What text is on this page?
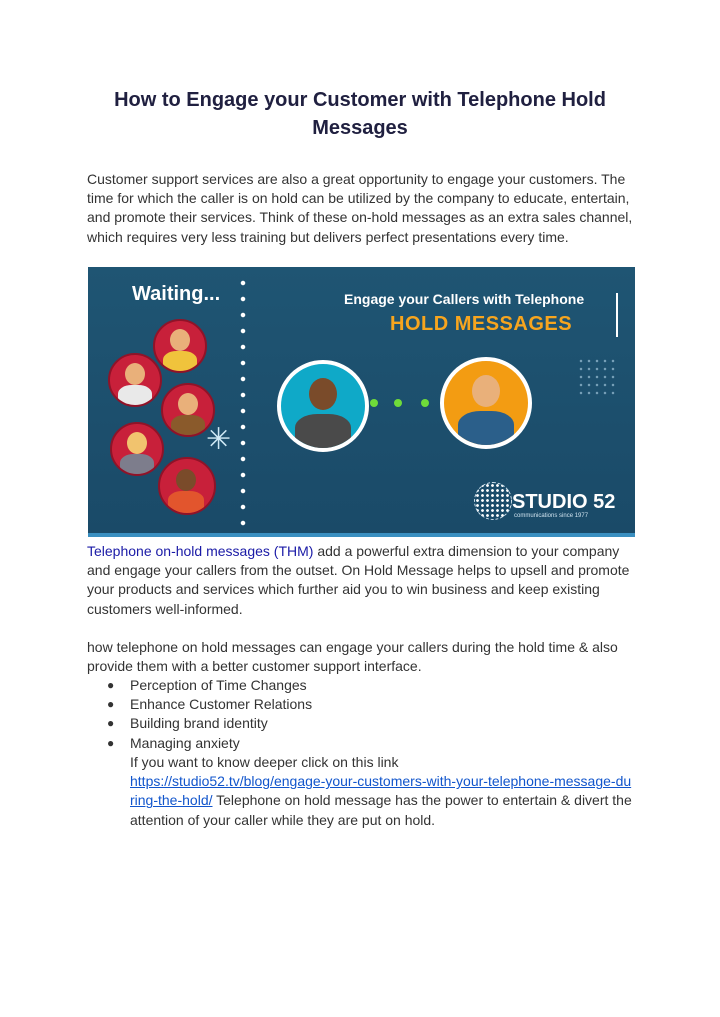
How to Engage your Customer with Telephone Hold Messages
Customer support services are also a great opportunity to engage your customers. The time for which the caller is on hold can be utilized by the company to educate, entertain, and promote their services. Think of these on-hold messages as an extra sales channel, which requires very less training but delivers perfect presentations every time.
Waiting...
✳
Engage your Callers with Telephone
HOLD MESSAGES
STUDIO 52
communications since 1977
Telephone on-hold messages (THM) add a powerful extra dimension to your company and engage your callers from the outset. On Hold Message helps to upsell and promote your products and services which further aid you to win business and keep existing customers well-informed.
how telephone on hold messages can engage your callers during the hold time & also provide them with a better customer support interface.
● Perception of Time Changes
● Enhance Customer Relations
● Building brand identity
● Managing anxiety
If you want to know deeper click on this link
https://studio52.tv/blog/engage-your-customers-with-your-telephone-message-during-the-hold/ Telephone on hold message has the power to entertain & divert the attention of your caller while they are put on hold.
